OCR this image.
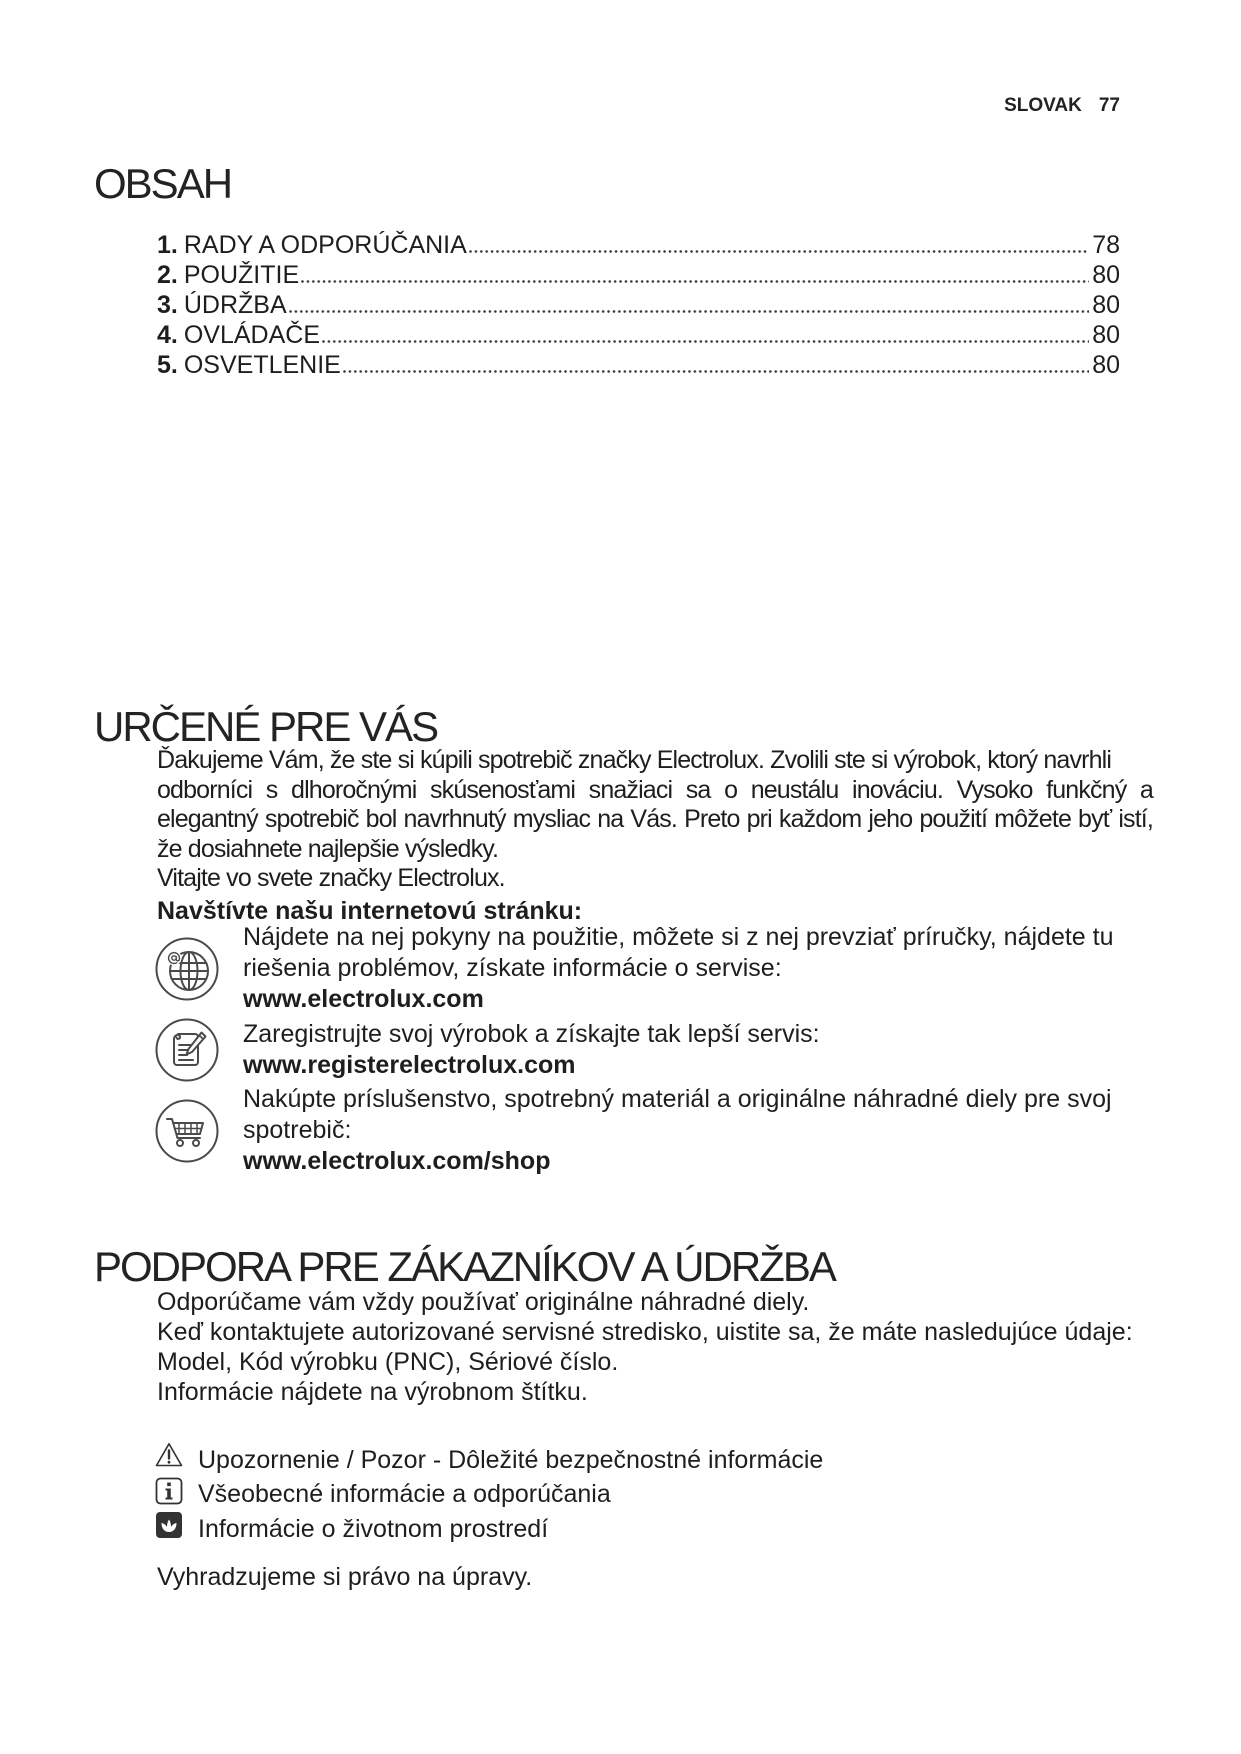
SLOVAK 77
OBSAH
1. RADY A ODPORÚČANIA	78
2. POUŽITIE	80
3. ÚDRŽBA	80
4. OVLÁDAČE	80
5. OSVETLENIE	80
URČENÉ PRE VÁS
Ďakujeme Vám, že ste si kúpili spotrebič značky Electrolux. Zvolili ste si výrobok, ktorý navrhli
odborníci s dlhoročnými skúsenosťami snažiaci sa o neustálu inováciu. Vysoko funkčný a
elegantný spotrebič bol navrhnutý mysliac na Vás. Preto pri každom jeho použití môžete byť istí,
že dosiahnete najlepšie výsledky.
Vitajte vo svete značky Electrolux.
Navštívte našu internetovú stránku:
Nájdete na nej pokyny na použitie, môžete si z nej prevziať príručky, nájdete tu
riešenia problémov, získate informácie o servise:
www.electrolux.com
Zaregistrujte svoj výrobok a získajte tak lepší servis:
www.registerelectrolux.com
Nakúpte príslušenstvo, spotrebný materiál a originálne náhradné diely pre svoj
spotrebič:
www.electrolux.com/shop
PODPORA PRE ZÁKAZNÍKOV A ÚDRŽBA
Odporúčame vám vždy používať originálne náhradné diely.
Keď kontaktujete autorizované servisné stredisko, uistite sa, že máte nasledujúce údaje:
Model, Kód výrobku (PNC), Sériové číslo.
Informácie nájdete na výrobnom štítku.
Upozornenie / Pozor - Dôležité bezpečnostné informácie
Všeobecné informácie a odporúčania
Informácie o životnom prostredí
Vyhradzujeme si právo na úpravy.
